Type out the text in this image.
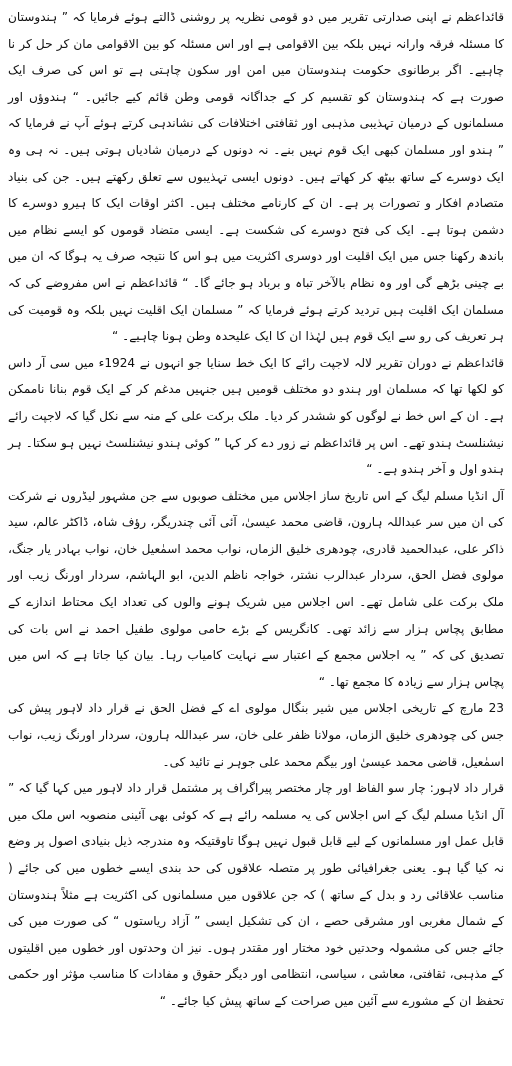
قائداعظم نے اپنی صدارتی تقریر میں دو قومی نظریہ پر روشنی ڈالتے ہوئے فرمایا کہ ” ہندوستان کا مسئلہ فرقہ وارانہ نہیں بلکہ بین الاقوامی ہے اور اس مسئلہ کو بین الاقوامی مان کر حل کر نا چاہیے۔ اگر برطانوی حکومت ہندوستان میں امن اور سکون چاہتی ہے تو اس کی صرف ایک صورت ہے کہ ہندوستان کو تقسیم کر کے جداگانہ قومی وطن قائم کیے جائیں۔ “ ہندوؤں اور مسلمانوں کے درمیان تہذیبی مذہبی اور ثقافتی اختلافات کی نشاندہی کرتے ہوئے آپ نے فرمایا کہ ” ہندو اور مسلمان کبھی ایک قوم نہیں بنے۔ نہ دونوں کے درمیان شادیاں ہوتی ہیں۔ نہ ہی وہ ایک دوسرے کے ساتھ بیٹھ کر کھاتے ہیں۔ دونوں ایسی تہذیبوں سے تعلق رکھتے ہیں۔ جن کی بنیاد متصادم افکار و تصورات پر ہے۔ ان کے کارنامے مختلف ہیں۔ اکثر اوقات ایک کا ہیرو دوسرے کا دشمن ہوتا ہے۔ ایک کی فتح دوسرے کی شکست ہے۔ ایسی متضاد قوموں کو ایسے نظام میں باندھ رکھنا جس میں ایک اقلیت اور دوسری اکثریت میں ہو اس کا نتیجہ صرف یہ ہوگا کہ ان میں بے چینی بڑھے گی اور وہ نظام بالآخر تباہ و برباد ہو جائے گا۔ “ قائداعظم نے اس مفروضے کی کہ مسلمان ایک اقلیت ہیں تردید کرتے ہوئے فرمایا کہ ” مسلمان ایک اقلیت نہیں بلکہ وہ قومیت کی ہر تعریف کی رو سے ایک قوم ہیں لہٰذا ان کا ایک علیحدہ وطن ہونا چاہیے۔ “

قائداعظم نے دوران تقریر لالہ لاجپت رائے کا ایک خط سنایا جو انہوں نے 1924ء میں سی آر داس کو لکھا تھا کہ مسلمان اور ہندو دو مختلف قومیں ہیں جنہیں مدغم کر کے ایک قوم بنانا ناممکن ہے۔ ان کے اس خط نے لوگوں کو ششدر کر دیا۔ ملک برکت علی کے منہ سے نکل گیا کہ لاجپت رائے نیشنلسٹ ہندو تھے۔ اس پر قائداعظم نے زور دے کر کہا ” کوئی ہندو نیشنلسٹ نہیں ہو سکتا۔ ہر ہندو اول و آخر ہندو ہے۔ “

آل انڈیا مسلم لیگ کے اس تاریخ ساز اجلاس میں مختلف صوبوں سے جن مشہور لیڈروں نے شرکت کی ان میں سر عبداللہ ہارون، قاضی محمد عیسیٰ، آئی آئی چندریگر، رؤف شاہ، ڈاکٹر عالم، سید ذاکر علی، عبدالحمید قادری، چودھری خلیق الزماں، نواب محمد اسمٰعیل خان، نواب بہادر یار جنگ، مولوی فضل الحق، سردار عبدالرب نشتر، خواجہ ناظم الدین، ابو الہاشم، سردار اورنگ زیب اور ملک برکت علی شامل تھے۔ اس اجلاس میں شریک ہونے والوں کی تعداد ایک محتاط اندازے کے مطابق پچاس ہزار سے زائد تھی۔ کانگریس کے بڑے حامی مولوی طفیل احمد نے اس بات کی تصدیق کی کہ ” یہ اجلاس مجمع کے اعتبار سے نہایت کامیاب رہا۔ بیان کیا جاتا ہے کہ اس میں پچاس ہزار سے زیادہ کا مجمع تھا۔ “

23 مارچ کے تاریخی اجلاس میں شیر بنگال مولوی اے کے فضل الحق نے قرار داد لاہور پیش کی جس کی چودھری خلیق الزماں، مولانا ظفر علی خان، سر عبداللہ ہارون، سردار اورنگ زیب، نواب اسمٰعیل، قاضی محمد عیسیٰ اور بیگم محمد علی جوہر نے تائید کی۔

قرار داد لاہور: چار سو الفاظ اور چار مختصر پیراگراف پر مشتمل قرار داد لاہور میں کہا گیا کہ ” آل انڈیا مسلم لیگ کے اس اجلاس کی یہ مسلمہ رائے ہے کہ کوئی بھی آئینی منصوبہ اس ملک میں قابل عمل اور مسلمانوں کے لیے قابل قبول نہیں ہوگا تاوقتیکہ وہ مندرجہ ذیل بنیادی اصول پر وضع نہ کیا گیا ہو۔ یعنی جغرافیائی طور پر متصلہ علاقوں کی حد بندی ایسے خطوں میں کی جائے ( مناسب علاقائی رد و بدل کے ساتھ ) کہ جن علاقوں میں مسلمانوں کی اکثریت ہے مثلاً ہندوستان کے شمال مغربی اور مشرقی حصے ، ان کی تشکیل ایسی ” آزاد ریاستوں “ کی صورت میں کی جائے جس کی مشمولہ وحدتیں خود مختار اور مقتدر ہوں۔ نیز ان وحدتوں اور خطوں میں اقلیتوں کے مذہبی، ثقافتی، معاشی ، سیاسی، انتظامی اور دیگر حقوق و مفادات کا مناسب مؤثر اور حکمی تحفظ ان کے مشورے سے آئین میں صراحت کے ساتھ پیش کیا جائے۔ “
